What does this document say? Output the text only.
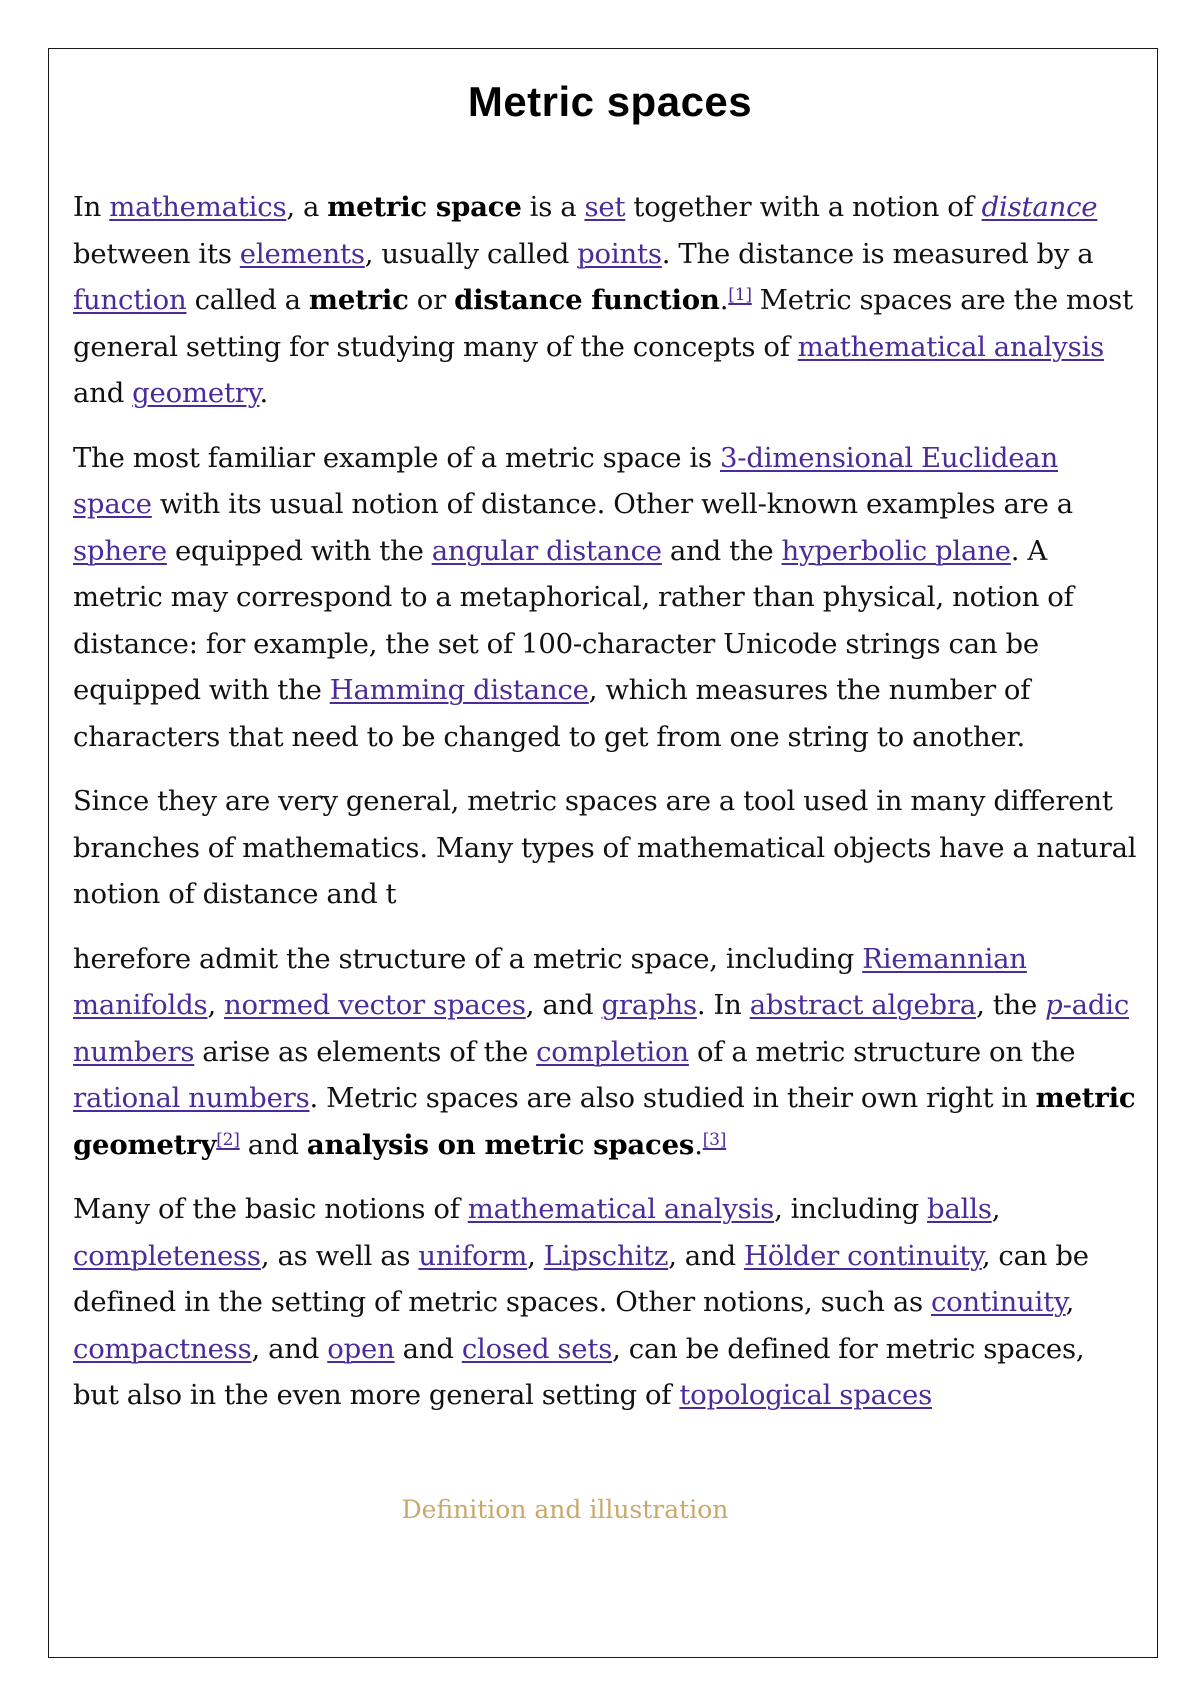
Metric spaces

In mathematics, a metric space is a set together with a notion of distance between its elements, usually called points. The distance is measured by a function called a metric or distance function.[1] Metric spaces are the most general setting for studying many of the concepts of mathematical analysis and geometry.

The most familiar example of a metric space is 3-dimensional Euclidean space with its usual notion of distance. Other well-known examples are a sphere equipped with the angular distance and the hyperbolic plane. A metric may correspond to a metaphorical, rather than physical, notion of distance: for example, the set of 100-character Unicode strings can be equipped with the Hamming distance, which measures the number of characters that need to be changed to get from one string to another.

Since they are very general, metric spaces are a tool used in many different branches of mathematics. Many types of mathematical objects have a natural notion of distance and t

herefore admit the structure of a metric space, including Riemannian manifolds, normed vector spaces, and graphs. In abstract algebra, the p-adic numbers arise as elements of the completion of a metric structure on the rational numbers. Metric spaces are also studied in their own right in metric geometry[2] and analysis on metric spaces.[3]

Many of the basic notions of mathematical analysis, including balls, completeness, as well as uniform, Lipschitz, and Hölder continuity, can be defined in the setting of metric spaces. Other notions, such as continuity, compactness, and open and closed sets, can be defined for metric spaces, but also in the even more general setting of topological spaces

Definition and illustration
